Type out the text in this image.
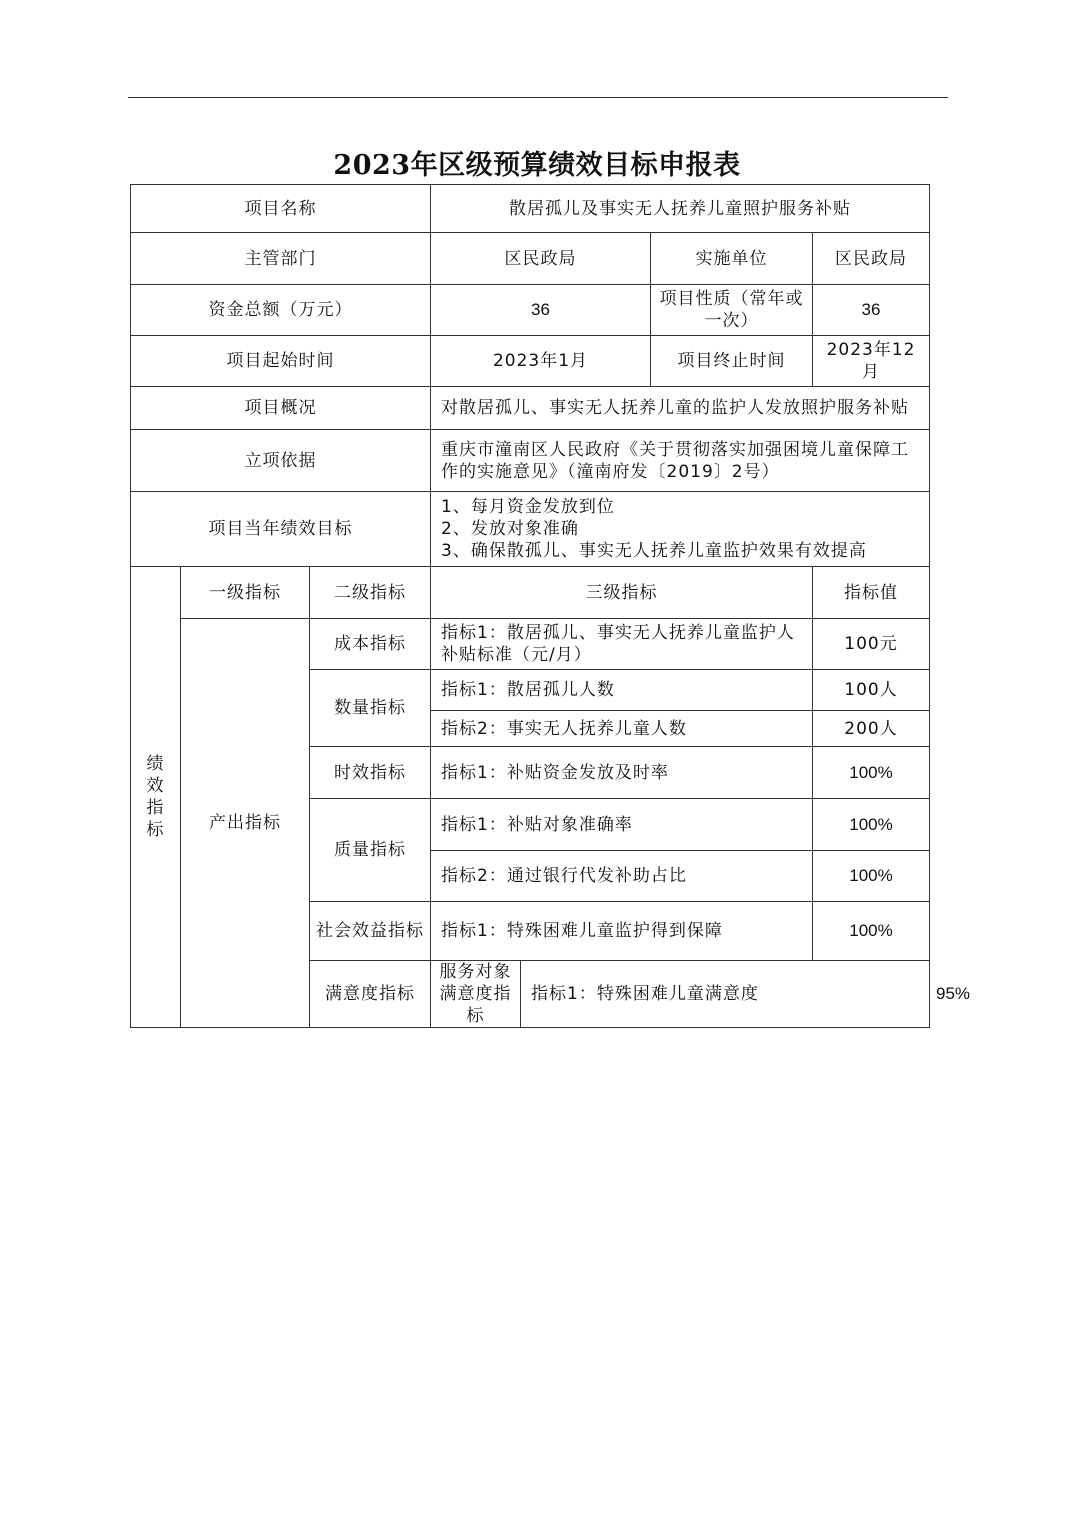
2023年区级预算绩效目标申报表
项目名称			散居孤儿及事实无人抚养儿童照护服务补贴				
主管部门			区民政局		实施单位	区民政局	
资金总额（万元）			36		项目性质（常年或一次）	36	
项目起始时间			2023年1月		项目终止时间	2023年12月	
项目概况			对散居孤儿、事实无人抚养儿童的监护人发放照护服务补贴				
立项依据			重庆市潼南区人民政府《关于贯彻落实加强困境儿童保障工作的实施意见》（潼南府发〔2019〕2号）				
项目当年绩效目标			1、每月资金发放到位
2、发放对象准确
3、确保散孤儿、事实无人抚养儿童监护效果有效提高				

绩
效
指
标	一级指标	二级指标	三级指标			指标值	
	产出指标	成本指标	指标1：散居孤儿、事实无人抚养儿童监护人补贴标准（元/月）			100元	
		数量指标	指标1：散居孤儿人数			100人	
			指标2：事实无人抚养儿童人数			200人	
		时效指标	指标1：补贴资金发放及时率			100%	
		质量指标	指标1：补贴对象准确率			100%	
			指标2：通过银行代发补助占比			100%	
		社会效益指标	指标1：特殊困难儿童监护得到保障			100%	
		满意度指标	服务对象满意度指标	指标1：特殊困难儿童满意度			95%
